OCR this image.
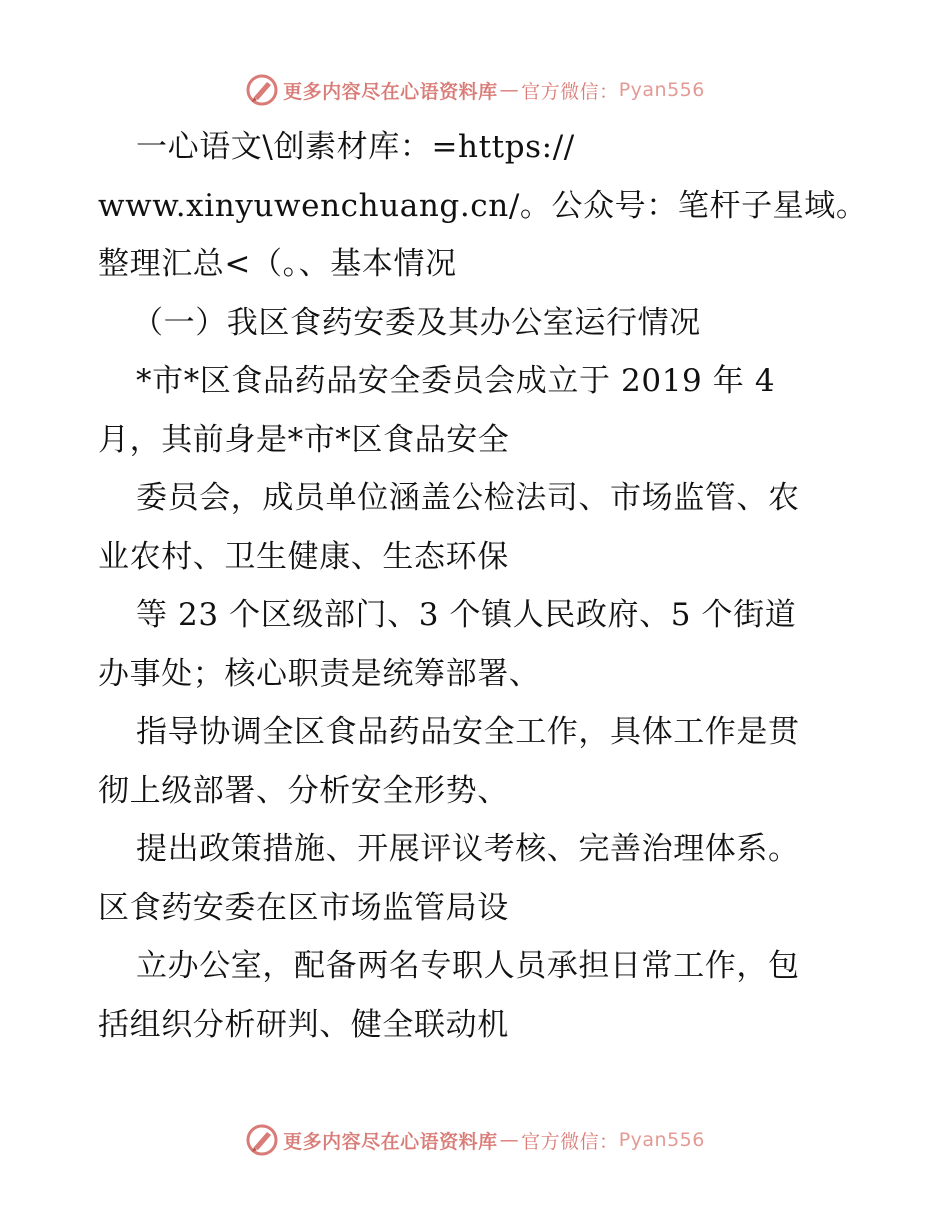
更多内容尽在心语资料库 — 官方微信： Pyan556
一心语文\创素材库：=https://
www.xinyuwenchuang.cn/。公众号：笔杆子星域。
整理汇总<（。、基本情况
（一）我区食药安委及其办公室运行情况
*市*区食品药品安全委员会成立于 2019 年 4
月，其前身是*市*区食品安全
委员会，成员单位涵盖公检法司、市场监管、农
业农村、卫生健康、生态环保
等 23 个区级部门、3 个镇人民政府、5 个街道
办事处；核心职责是统筹部署、
指导协调全区食品药品安全工作，具体工作是贯
彻上级部署、分析安全形势、
提出政策措施、开展评议考核、完善治理体系。
区食药安委在区市场监管局设
立办公室，配备两名专职人员承担日常工作，包
括组织分析研判、健全联动机
更多内容尽在心语资料库 — 官方微信： Pyan556
